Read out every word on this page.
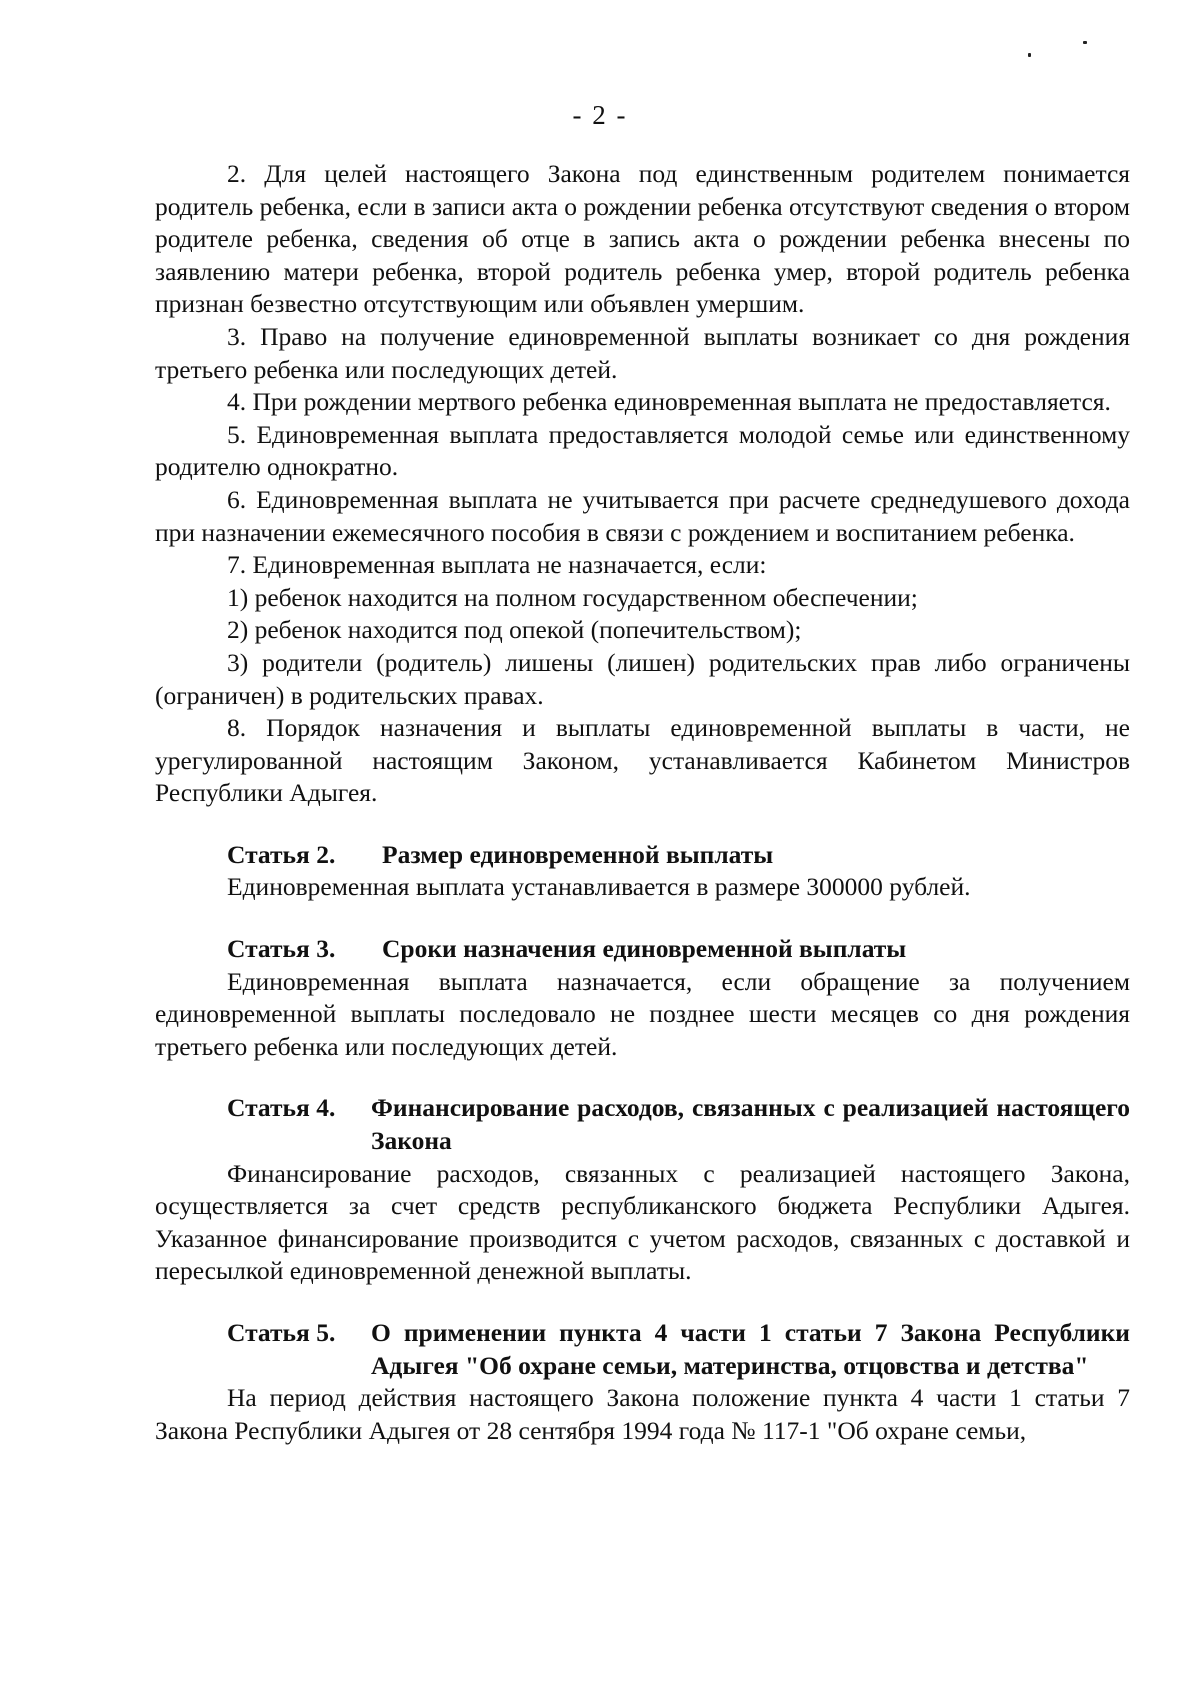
- 2 -

2. Для целей настоящего Закона под единственным родителем понимается родитель ребенка, если в записи акта о рождении ребенка отсутствуют сведения о втором родителе ребенка, сведения об отце в запись акта о рождении ребенка внесены по заявлению матери ребенка, второй родитель ребенка умер, второй родитель ребенка признан безвестно отсутствующим или объявлен умершим.

3. Право на получение единовременной выплаты возникает со дня рождения третьего ребенка или последующих детей.

4. При рождении мертвого ребенка единовременная выплата не предоставляется.

5. Единовременная выплата предоставляется молодой семье или единственному родителю однократно.

6. Единовременная выплата не учитывается при расчете среднедушевого дохода при назначении ежемесячного пособия в связи с рождением и воспитанием ребенка.

7. Единовременная выплата не назначается, если:

1) ребенок находится на полном государственном обеспечении;

2) ребенок находится под опекой (попечительством);

3) родители (родитель) лишены (лишен) родительских прав либо ограничены (ограничен) в родительских правах.

8. Порядок назначения и выплаты единовременной выплаты в части, не урегулированной настоящим Законом, устанавливается Кабинетом Министров Республики Адыгея.

Статья 2.	Размер единовременной выплаты

Единовременная выплата устанавливается в размере 300000 рублей.

Статья 3.	Сроки назначения единовременной выплаты

Единовременная выплата назначается, если обращение за получением единовременной выплаты последовало не позднее шести месяцев со дня рождения третьего ребенка или последующих детей.

Статья 4.	Финансирование расходов, связанных с реализацией настоящего Закона

Финансирование расходов, связанных с реализацией настоящего Закона, осуществляется за счет средств республиканского бюджета Республики Адыгея. Указанное финансирование производится с учетом расходов, связанных с доставкой и пересылкой единовременной денежной выплаты.

Статья 5.	О применении пункта 4 части 1 статьи 7 Закона Республики Адыгея "Об охране семьи, материнства, отцовства и детства"

На период действия настоящего Закона положение пункта 4 части 1 статьи 7 Закона Республики Адыгея от 28 сентября 1994 года № 117-1 "Об охране семьи,
